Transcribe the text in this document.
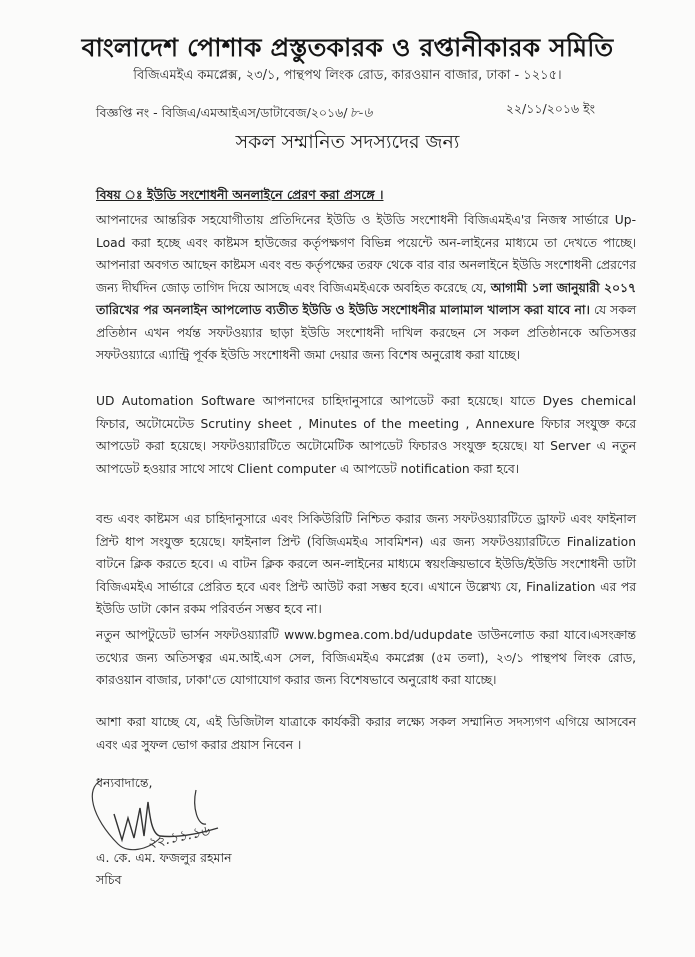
বাংলাদেশ পোশাক প্রস্তুতকারক ও রপ্তানীকারক সমিতি
বিজিএমইএ কমপ্লেক্স, ২৩/১, পান্থপথ লিংক রোড, কারওয়ান বাজার, ঢাকা - ১২১৫।
বিজ্ঞপ্তি নং - বিজিএ/এমআইএস/ডাটাবেজ/২০১৬/ ৮-৬	২২/১১/২০১৬ ইং
সকল সম্মানিত সদস্যদের জন্য
বিষয় ঃ ইউডি সংশোধনী অনলাইনে প্রেরণ করা প্রসঙ্গে ।
আপনাদের আন্তরিক সহযোগীতায় প্রতিদিনের ইউডি ও ইউডি সংশোধনী বিজিএমইএ'র নিজস্ব সার্ভারে Up-Load করা হচ্ছে এবং কাষ্টমস হাউজের কর্তৃপক্ষগণ বিভিন্ন পয়েন্টে অন-লাইনের মাধ্যমে তা দেখতে পাচ্ছে। আপনারা অবগত আছেন কাষ্টমস এবং বন্ড কর্তৃপক্ষের তরফ থেকে বার বার অনলাইনে ইউডি সংশোধনী প্রেরণের জন্য দীর্ঘদিন জোড় তাগিদ দিয়ে আসছে এবং বিজিএমইএকে অবহিত করেছে যে, আগামী ১লা জানুয়ারী ২০১৭ তারিখের পর অনলাইন আপলোড ব্যতীত ইউডি ও ইউডি সংশোধনীর মালামাল খালাস করা যাবে না। যে সকল প্রতিষ্ঠান এখন পর্যন্ত সফটওয়্যার ছাড়া ইউডি সংশোধনী দাখিল করছেন সে সকল প্রতিষ্ঠানকে অতিসত্তর সফটওয়্যারে এ্যান্ট্রি পূর্বক ইউডি সংশোধনী জমা দেয়ার জন্য বিশেষ অনুরোধ করা যাচ্ছে।
UD Automation Software আপনাদের চাহিদানুসারে আপডেট করা হয়েছে। যাতে Dyes chemical ফিচার, অটোমেটেড Scrutiny sheet , Minutes of the meeting , Annexure ফিচার সংযুক্ত করে আপডেট করা হয়েছে। সফটওয়্যারটিতে অটোমেটিক আপডেট ফিচারও সংযুক্ত হয়েছে। যা Server এ নতুন আপডেট হওয়ার সাথে সাথে Client computer এ আপডেট notification করা হবে।
বন্ড এবং কাষ্টমস এর চাহিদানুসারে এবং সিকিউরিটি নিশ্চিত করার জন্য সফটওয়্যারটিতে ড্রাফট এবং ফাইনাল প্রিন্ট ধাপ সংযুক্ত হয়েছে। ফাইনাল প্রিন্ট (বিজিএমইএ সাবমিশন) এর জন্য সফটওয়্যারটিতে Finalization বাটনে ক্লিক করতে হবে। এ বাটন ক্লিক করলে অন-লাইনের মাধ্যমে স্বয়ংক্রিয়ভাবে ইউডি/ইউডি সংশোধনী ডাটা বিজিএমইএ সার্ভারে প্রেরিত হবে এবং প্রিন্ট আউট করা সম্ভব হবে। এখানে উল্লেখ্য যে, Finalization এর পর ইউডি ডাটা কোন রকম পরিবর্তন সম্ভব হবে না।
নতুন আপটুডেট ভার্সন সফটওয়্যারটি www.bgmea.com.bd/udupdate ডাউনলোড করা যাবে।এসংক্রান্ত তথ্যের জন্য অতিসত্বর এম.আই.এস সেল, বিজিএমইএ কমপ্লেক্স (৫ম তলা), ২৩/১ পান্থপথ লিংক রোড, কারওয়ান বাজার, ঢাকা'তে যোগাযোগ করার জন্য বিশেষভাবে অনুরোধ করা যাচ্ছে।
আশা করা যাচ্ছে যে, এই ডিজিটাল যাত্রাকে কার্যকরী করার লক্ষ্যে সকল সম্মানিত সদস্যগণ এগিয়ে আসবেন এবং এর সুফল ভোগ করার প্রয়াস নিবেন ।
ধন্যবাদান্তে,
২২.১১.১৬
এ. কে. এম. ফজলুর রহমান
সচিব
